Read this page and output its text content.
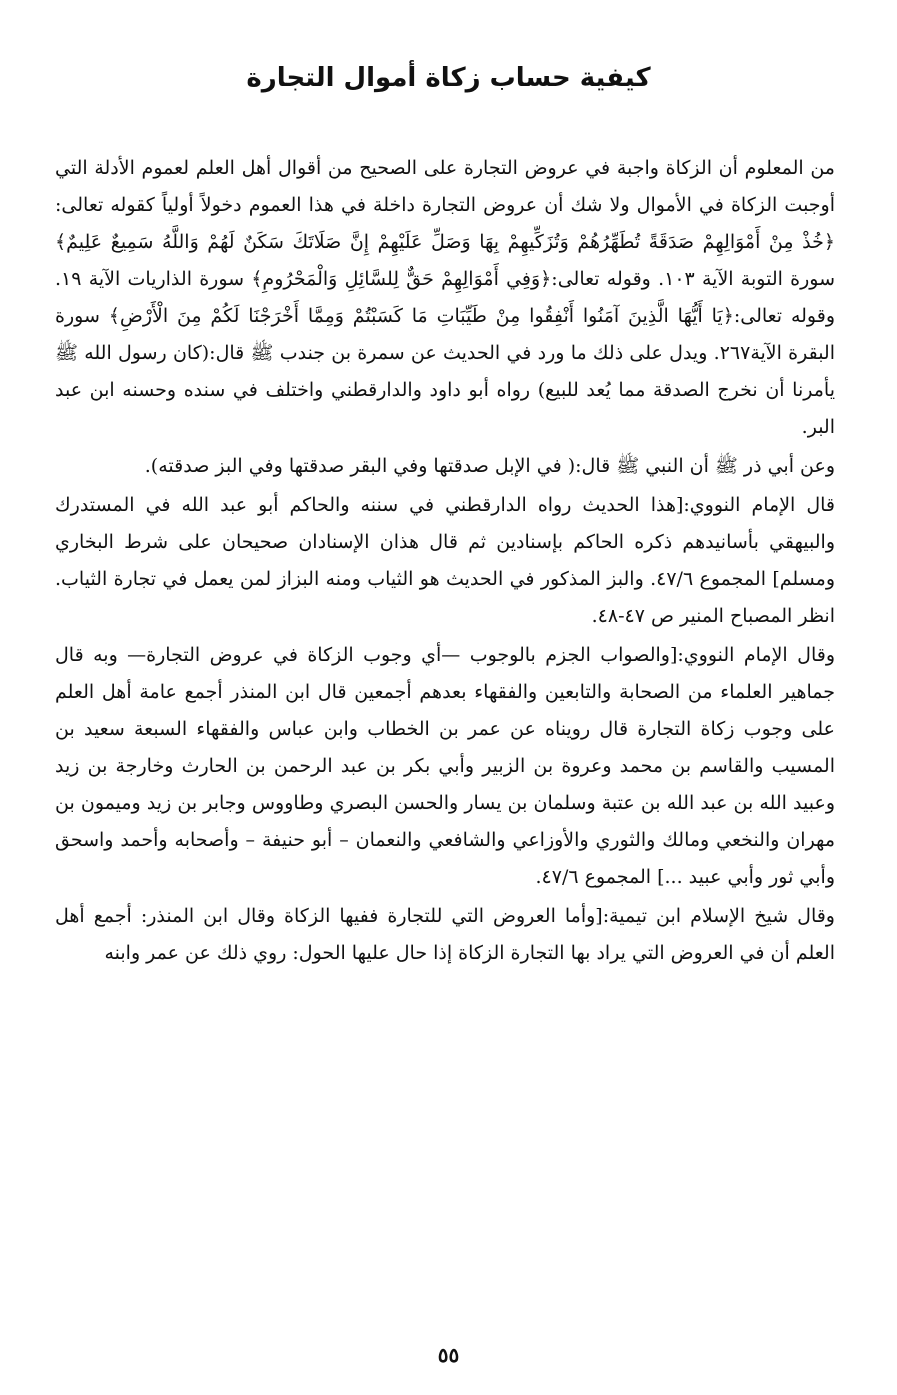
كيفية حساب زكاة أموال التجارة

من المعلوم أن الزكاة واجبة في عروض التجارة على الصحيح من أقوال أهل العلم لعموم الأدلة التي أوجبت الزكاة في الأموال ولا شك أن عروض التجارة داخلة في هذا العموم دخولاً أولياً كقوله تعالى:﴿خُذْ مِنْ أَمْوَالِهِمْ صَدَقَةً تُطَهِّرُهُمْ وَتُزَكِّيهِمْ بِهَا وَصَلِّ عَلَيْهِمْ إِنَّ صَلَاتَكَ سَكَنٌ لَهُمْ وَاللَّهُ سَمِيعٌ عَلِيمٌ﴾ سورة التوبة الآية ١٠٣. وقوله تعالى:﴿وَفِي أَمْوَالِهِمْ حَقٌّ لِلسَّائِلِ وَالْمَحْرُومِ﴾ سورة الذاريات الآية ١٩. وقوله تعالى:﴿يَا أَيُّهَا الَّذِينَ آمَنُوا أَنْفِقُوا مِنْ طَيِّبَاتِ مَا كَسَبْتُمْ وَمِمَّا أَخْرَجْنَا لَكُمْ مِنَ الْأَرْضِ﴾ سورة البقرة الآية٢٦٧. ويدل على ذلك ما ورد في الحديث عن سمرة بن جندب ﷺ قال:(كان رسول الله ﷺ يأمرنا أن نخرج الصدقة مما يُعد للبيع) رواه أبو داود والدارقطني واختلف في سنده وحسنه ابن عبد البر.

وعن أبي ذر ﷺ أن النبي ﷺ قال:( في الإبل صدقتها وفي البقر صدقتها وفي البز صدقته).

قال الإمام النووي:[هذا الحديث رواه الدارقطني في سننه والحاكم أبو عبد الله في المستدرك والبيهقي بأسانيدهم ذكره الحاكم بإسنادين ثم قال هذان الإسنادان صحيحان على شرط البخاري ومسلم] المجموع ٤٧/٦. والبز المذكور في الحديث هو الثياب ومنه البزاز لمن يعمل في تجارة الثياب. انظر المصباح المنير ص ٤٧-٤٨.

وقال الإمام النووي:[والصواب الجزم بالوجوب —أي وجوب الزكاة في عروض التجارة— وبه قال جماهير العلماء من الصحابة والتابعين والفقهاء بعدهم أجمعين قال ابن المنذر أجمع عامة أهل العلم على وجوب زكاة التجارة قال رويناه عن عمر بن الخطاب وابن عباس والفقهاء السبعة سعيد بن المسيب والقاسم بن محمد وعروة بن الزبير وأبي بكر بن عبد الرحمن بن الحارث وخارجة بن زيد وعبيد الله بن عبد الله بن عتبة وسلمان بن يسار والحسن البصري وطاووس وجابر بن زيد وميمون بن مهران والنخعي ومالك والثوري والأوزاعي والشافعي والنعمان – أبو حنيفة – وأصحابه وأحمد واسحق وأبي ثور وأبي عبيد ...] المجموع ٤٧/٦.

وقال شيخ الإسلام ابن تيمية:[وأما العروض التي للتجارة ففيها الزكاة وقال ابن المنذر: أجمع أهل العلم أن في العروض التي يراد بها التجارة الزكاة إذا حال عليها الحول: روي ذلك عن عمر وابنه

٥٥
